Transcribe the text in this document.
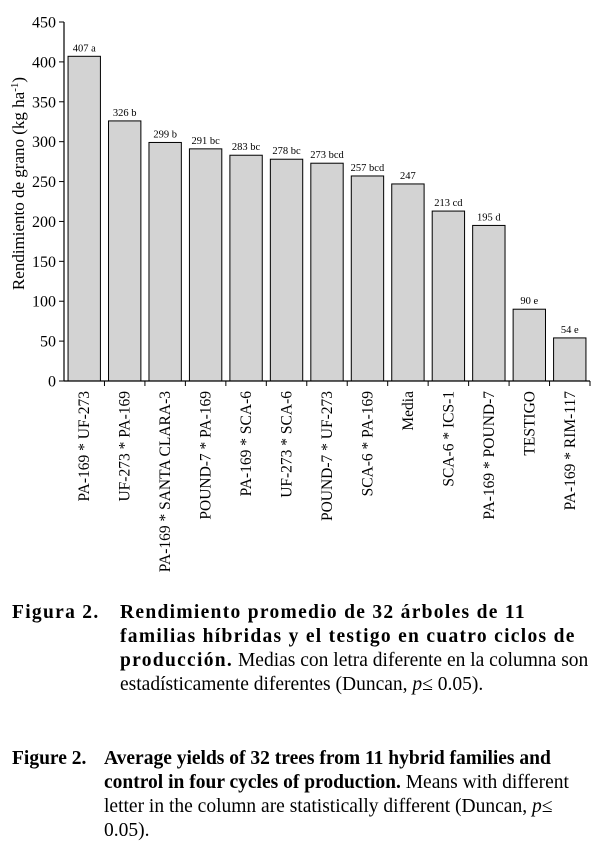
407 a
326 b
299 b
291 bc
283 bc 278 bc 273 bcd
257 bcd
247
213 cd
195 d
90 e
54 e
0
50
100
150
200
250
300
350
400
450
PA-169 * UF-273 UF-273 * PA-169 PA-169 * SANTA CLARA-3 POUND-7 * PA-169 PA-169 * SCA-6 UF-273 * SCA-6 POUND-7 * UF-273 SCA-6 * PA-169 Media SCA-6 * ICS-1 PA-169 * POUND-7 TESTIGO PA-169 * RIM-117
Rendimiento de grano (kg $ha^{-1}$)
Figura 2.	Rendimiento promedio de 32 árboles de 11 familias híbridas y el testigo en cuatro ciclos de producción. Medias con letra diferente en la columna son estadísticamente diferentes (Duncan, p≤ 0.05).
Figure 2. Average yields of 32 trees from 11 hybrid families and control in four cycles of production. Means with different letter in the column are statistically different (Duncan, p≤ 0.05).
